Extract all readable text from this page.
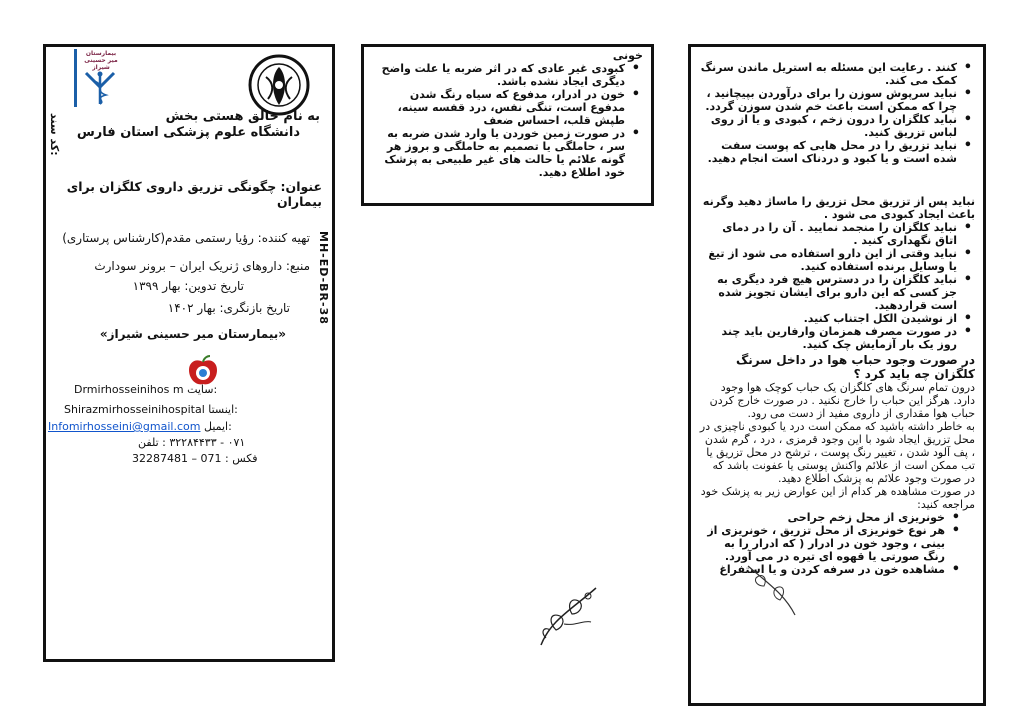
بیمارستان میر حسینی شیراز
به نام خالق هستی بخش
دانشگاه علوم پزشکی استان فارس
کد سند:
عنوان: چگونگی تزریق داروی کلگزان برای بیماران
MH-ED-BR-38
تهیه کننده: رؤیا رستمی مقدم(کارشناس پرستاری)
منبع: داروهای ژنریک ایران – برونر سودارث
تاریخ تدوین: بهار ۱۳۹۹
تاریخ بازنگری: بهار ۱۴۰۲
«بیمارستان میر حسینی شیراز»
Drmirhosseinihos m سایت:
Shirazmirhosseinihospital اینستا:
Infomirhosseini@gmail.com ایمیل:
۰۷۱ - ۳۲۲۸۴۴۳۳ : تلفن
فکس : 071 – 32287481
خونی
• کبودی غیر عادی که در اثر ضربه یا علت واضح دیگری ایجاد نشده باشد.
• خون در ادرار، مدفوع که سیاه رنگ شدن مدفوع است، تنگی نفس، درد قفسه سینه، طپش قلب، احساس ضعف
• در صورت زمین خوردن یا وارد شدن ضربه به سر ، حاملگی یا تصمیم به حاملگی و بروز هر گونه علائم یا حالت های غیر طبیعی به پزشک خود اطلاع دهید.
• کنند . رعایت این مسئله به استریل ماندن سرنگ کمک می کند.
• نباید سرپوش سوزن را برای درآوردن بپیچانید ، چرا که ممکن است باعث خم شدن سوزن گردد.
• نباید کلگزان را درون زخم ، کبودی و یا از روی لباس تزریق کنید.
• نباید تزریق را در محل هایی که پوست سفت شده است و یا کبود و دردناک است انجام دهید.

نباید پس از تزریق محل تزریق را ماساژ دهید وگرنه باعث ایجاد کبودی می شود .

• نباید کلگزان را منجمد نمایید . آن را در دمای اتاق نگهداری کنید .
• نباید وقتی از این دارو استفاده می شود از تیغ یا وسایل برنده استفاده کنید.
• نباید کلگزان را در دسترس هیچ فرد دیگری به جز کسی که این دارو برای ایشان تجویز شده است قراردهید.
• از نوشیدن الکل اجتناب کنید.
• در صورت مصرف همزمان وارفارین باید چند روز یک بار آزمایش چک کنید.

در صورت وجود حباب هوا در داخل سرنگ کلگزان چه باید کرد ؟

درون تمام سرنگ های کلگزان یک حباب کوچک هوا وجود دارد. هرگز این حباب را خارج نکنید . در صورت خارج کردن حباب هوا مقداری از داروی مفید از دست می رود.

به خاطر داشته باشید که ممکن است درد یا کبودی ناچیزی در محل تزریق ایجاد شود با این وجود قرمزی ، درد ، گرم شدن ، پف آلود شدن ، تغییر رنگ پوست ، ترشح در محل تزریق یا تب ممکن است از علائم واکنش پوستی یا عفونت باشد که در صورت وجود علائم به پزشک اطلاع دهید.

در صورت مشاهده هر کدام از این عوارض زیر به پزشک خود مراجعه کنید:

• خونریزی از محل زخم جراحی
• هر نوع خونریزی از محل تزریق ، خونریزی از بینی ، وجود خون در ادرار ( که ادرار را به رنگ صورتی یا قهوه ای تیره در می آورد.
• مشاهده خون در سرفه کردن و یا استفراغ
